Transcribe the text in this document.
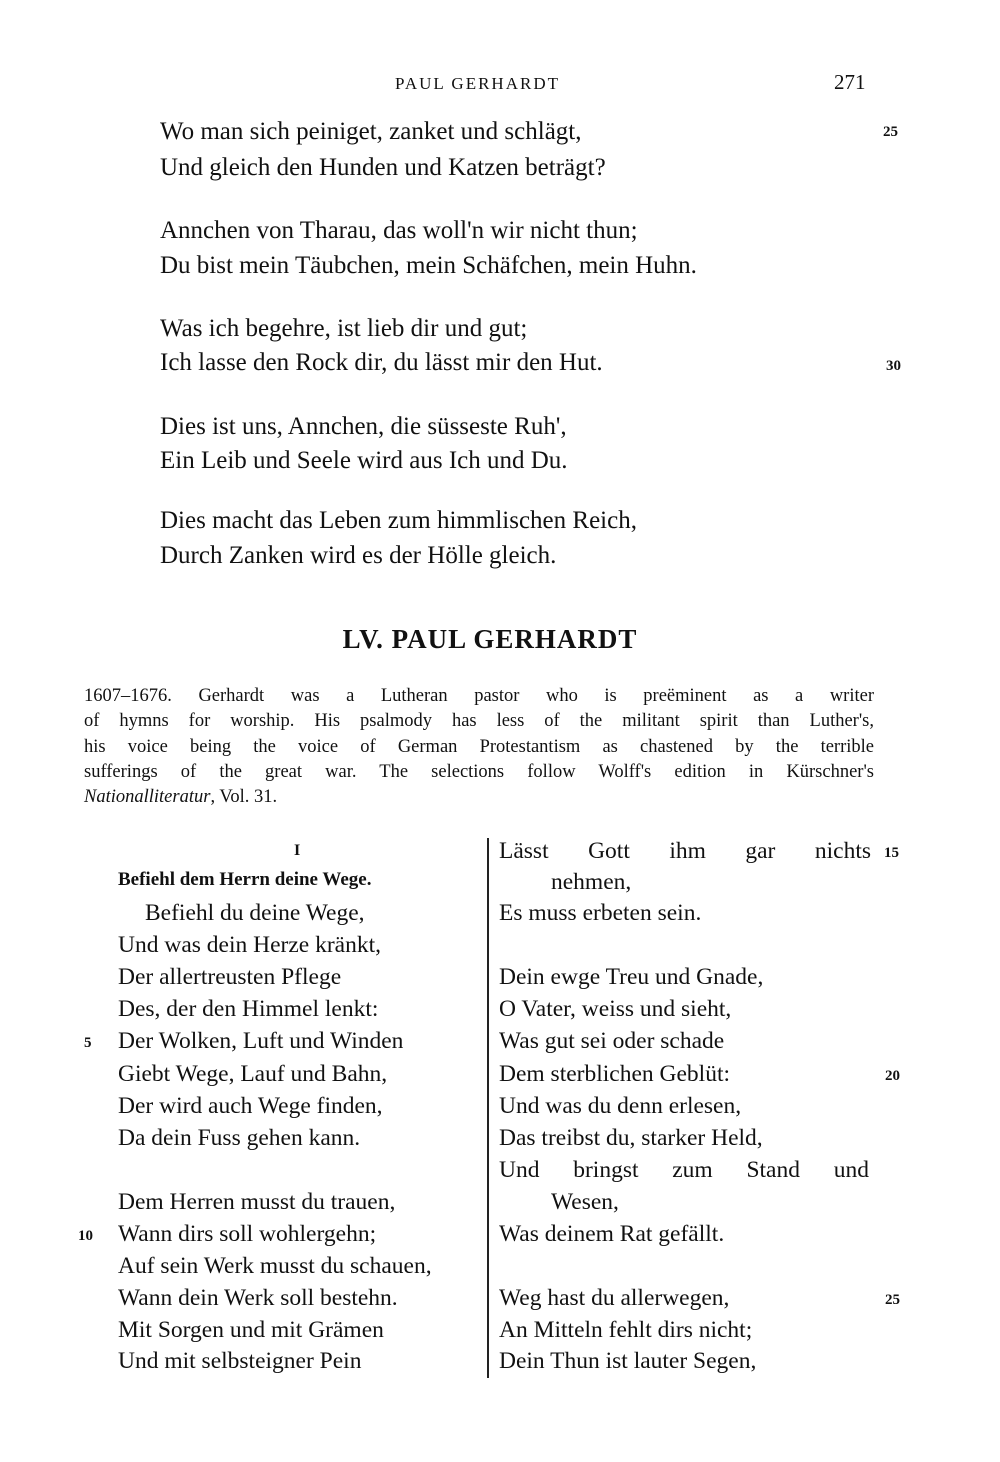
PAUL GERHARDT	271
Wo man sich peiniget, zanket und schlägt,
Und gleich den Hunden und Katzen beträgt?
Annchen von Tharau, das woll'n wir nicht thun;
Du bist mein Täubchen, mein Schäfchen, mein Huhn.
Was ich begehre, ist lieb dir und gut;
Ich lasse den Rock dir, du lässt mir den Hut.
Dies ist uns, Annchen, die süsseste Ruh',
Ein Leib und Seele wird aus Ich und Du.
Dies macht das Leben zum himmlischen Reich,
Durch Zanken wird es der Hölle gleich.
25
30
LV. PAUL GERHARDT
1607–1676. Gerhardt was a Lutheran pastor who is preëminent as a writer
of hymns for worship. His psalmody has less of the militant spirit than Luther's,
his voice being the voice of German Protestantism as chastened by the terrible
sufferings of the great war. The selections follow Wolff's edition in Kürschner's
Nationalliteratur, Vol. 31.
I
Befiehl dem Herrn deine Wege.
Befiehl du deine Wege,
Und was dein Herze kränkt,
Der allertreusten Pflege
Des, der den Himmel lenkt:
Der Wolken, Luft und Winden
Giebt Wege, Lauf und Bahn,
Der wird auch Wege finden,
Da dein Fuss gehen kann.
Dem Herren musst du trauen,
Wann dirs soll wohlergehn;
Auf sein Werk musst du schauen,
Wann dein Werk soll bestehn.
Mit Sorgen und mit Grämen
Und mit selbsteigner Pein
5
10
Lässt Gott ihm gar nichts
nehmen,
Es muss erbeten sein.
Dein ewge Treu und Gnade,
O Vater, weiss und sieht,
Was gut sei oder schade
Dem sterblichen Geblüt:
Und was du denn erlesen,
Das treibst du, starker Held,
Und bringst zum Stand und
Wesen,
Was deinem Rat gefällt.
Weg hast du allerwegen,
An Mitteln fehlt dirs nicht;
Dein Thun ist lauter Segen,
15
20
25
